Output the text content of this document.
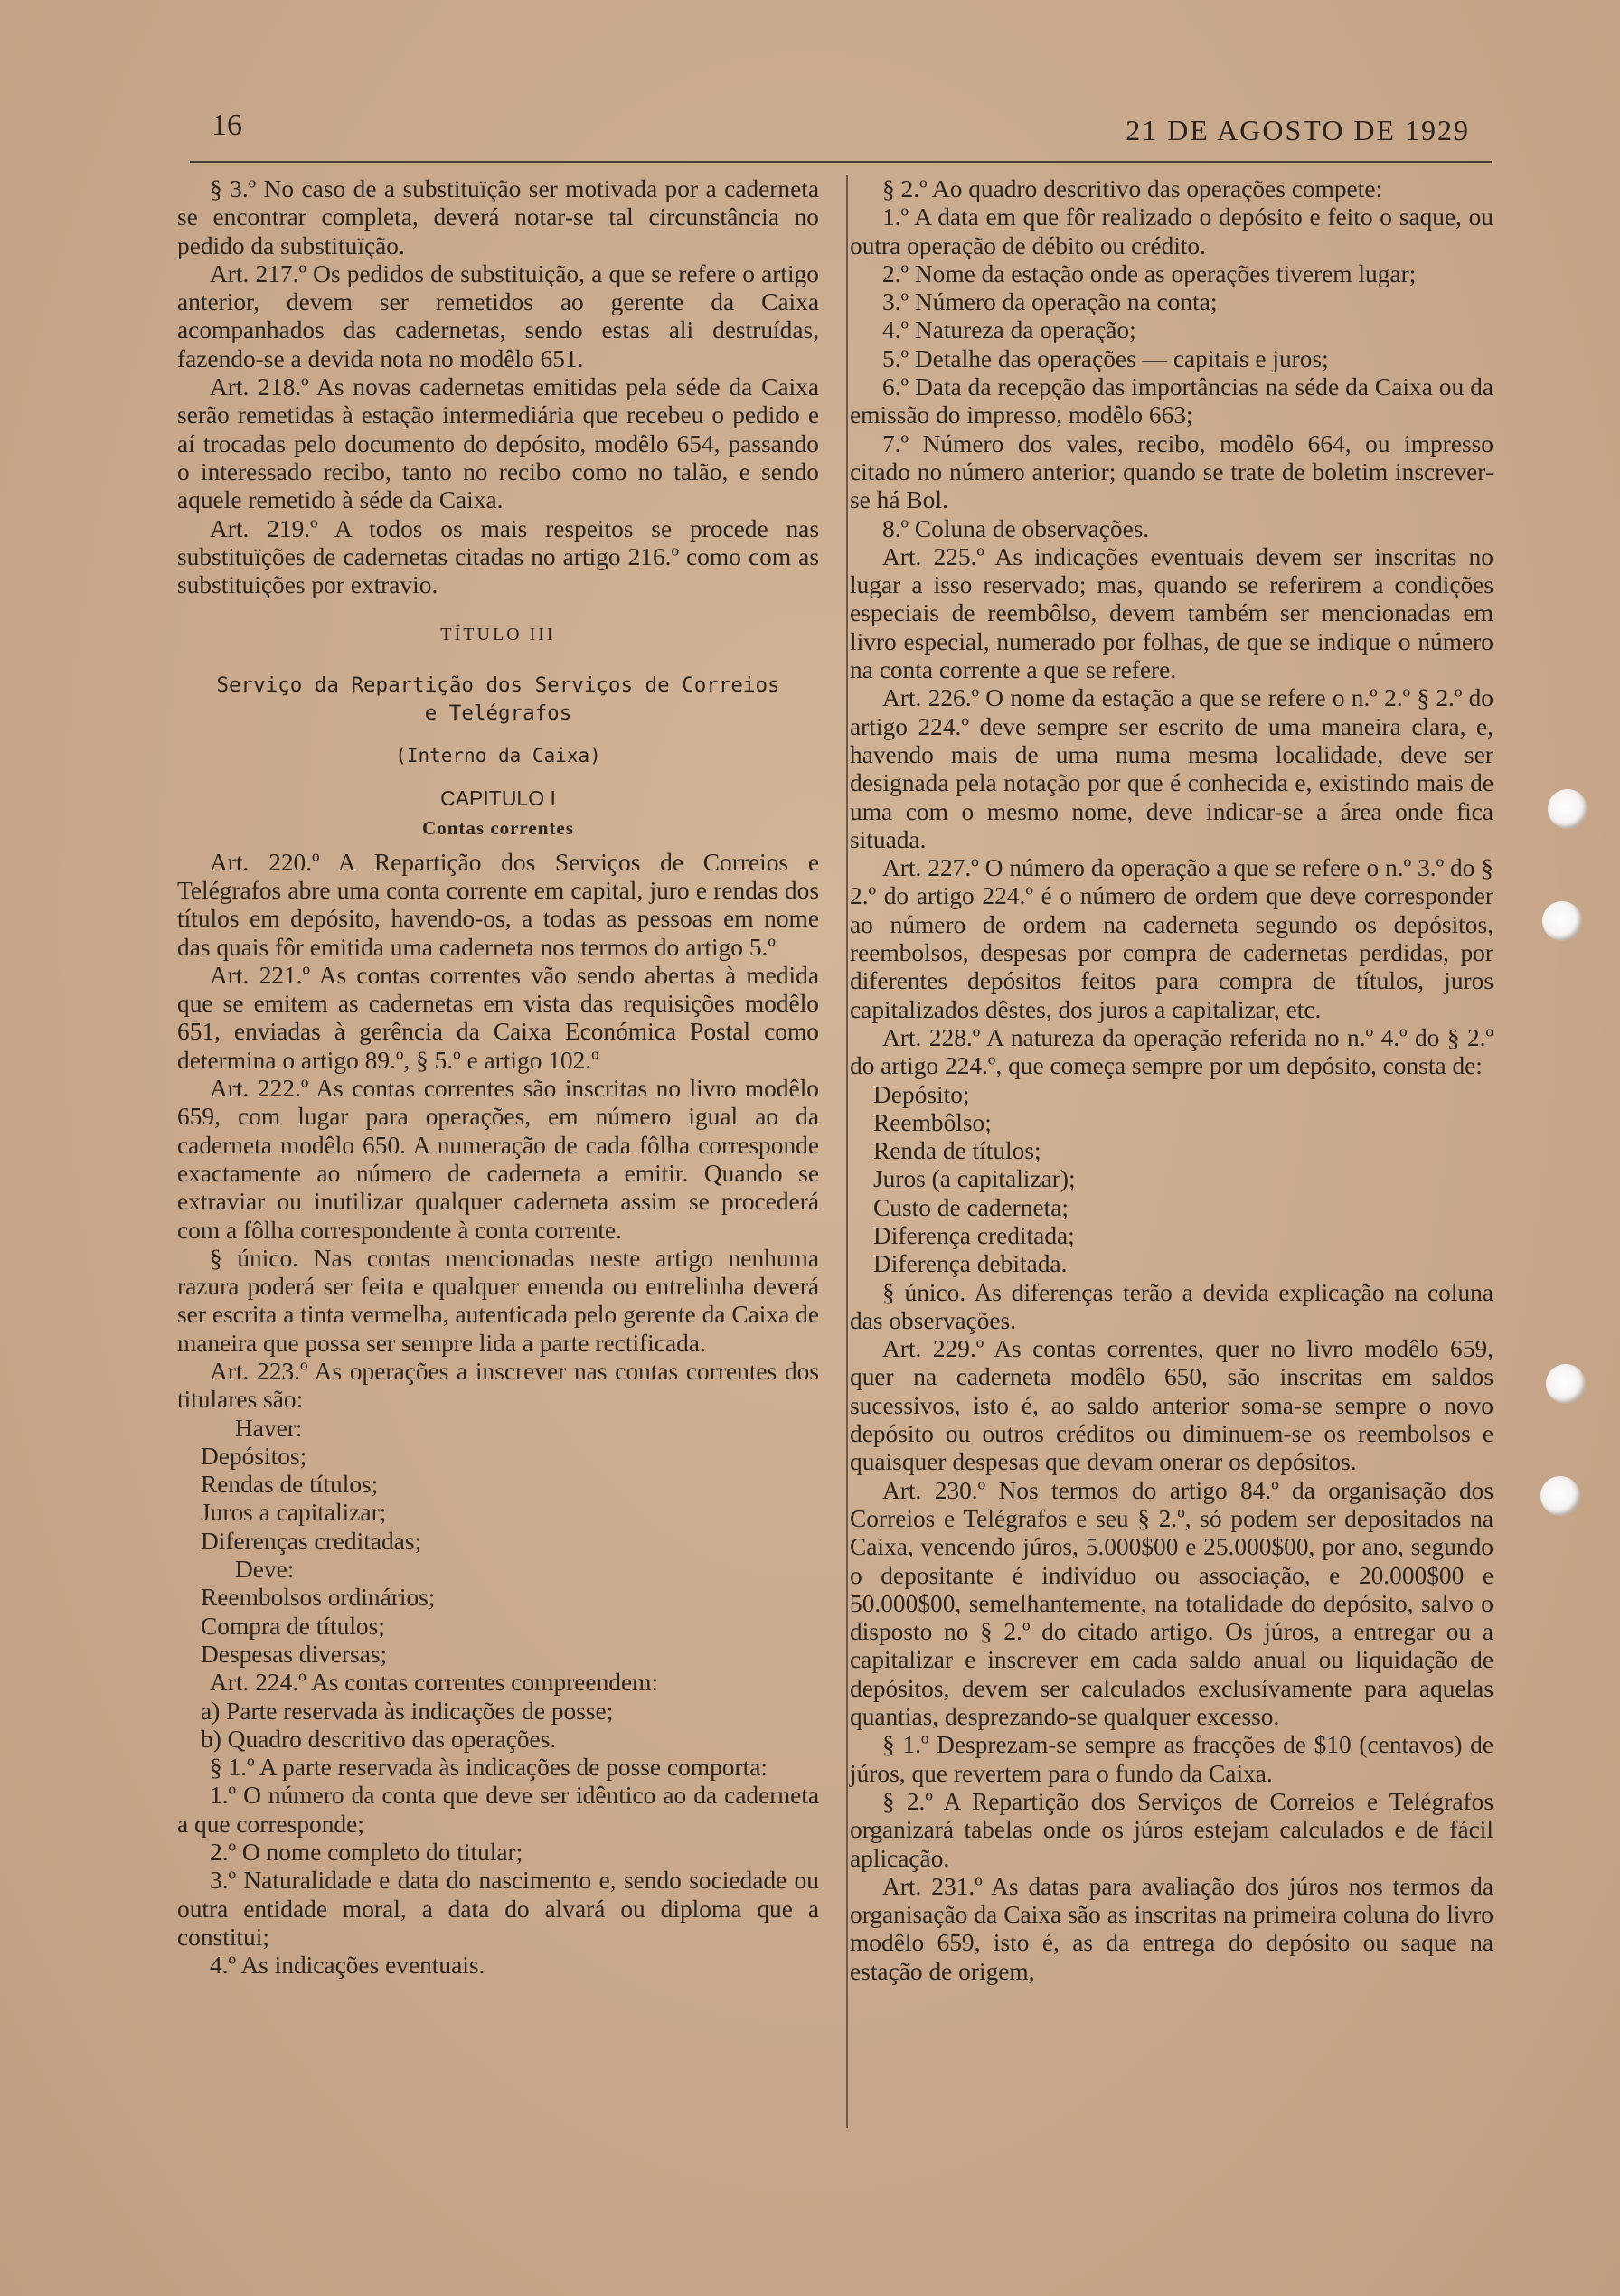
16	21 DE AGOSTO DE 1929

§ 3.º No caso de a substituïção ser motivada por a caderneta se encontrar completa, deverá notar-se tal circunstância no pedido da substituïção.

Art. 217.º Os pedidos de substituição, a que se refere o artigo anterior, devem ser remetidos ao gerente da Caixa acompanhados das cadernetas, sendo estas ali destruídas, fazendo-se a devida nota no modêlo 651.

Art. 218.º As novas cadernetas emitidas pela séde da Caixa serão remetidas à estação intermediária que recebeu o pedido e aí trocadas pelo documento do depósito, modêlo 654, passando o interessado recibo, tanto no recibo como no talão, e sendo aquele remetido à séde da Caixa.

Art. 219.º A todos os mais respeitos se procede nas substituïções de cadernetas citadas no artigo 216.º como com as substituições por extravio.

TÍTULO III

Serviço da Repartição dos Serviços de Correios
e Telégrafos

(Interno da Caixa)

CAPITULO I

Contas correntes

Art. 220.º A Repartição dos Serviços de Correios e Telégrafos abre uma conta corrente em capital, juro e rendas dos títulos em depósito, havendo-os, a todas as pessoas em nome das quais fôr emitida uma caderneta nos termos do artigo 5.º

Art. 221.º As contas correntes vão sendo abertas à medida que se emitem as cadernetas em vista das requisições modêlo 651, enviadas à gerência da Caixa Económica Postal como determina o artigo 89.º, § 5.º e artigo 102.º

Art. 222.º As contas correntes são inscritas no livro modêlo 659, com lugar para operações, em número igual ao da caderneta modêlo 650. A numeração de cada fôlha corresponde exactamente ao número de caderneta a emitir. Quando se extraviar ou inutilizar qualquer caderneta assim se procederá com a fôlha correspondente à conta corrente.

§ único. Nas contas mencionadas neste artigo nenhuma razura poderá ser feita e qualquer emenda ou entrelinha deverá ser escrita a tinta vermelha, autenticada pelo gerente da Caixa de maneira que possa ser sempre lida a parte rectificada.

Art. 223.º As operações a inscrever nas contas correntes dos titulares são:

Haver:

Depósitos;

Rendas de títulos;

Juros a capitalizar;

Diferenças creditadas;

Deve:

Reembolsos ordinários;

Compra de títulos;

Despesas diversas;

Art. 224.º As contas correntes compreendem:

a) Parte reservada às indicações de posse;

b) Quadro descritivo das operações.

§ 1.º A parte reservada às indicações de posse comporta:

1.º O número da conta que deve ser idêntico ao da caderneta a que corresponde;

2.º O nome completo do titular;

3.º Naturalidade e data do nascimento e, sendo sociedade ou outra entidade moral, a data do alvará ou diploma que a constitui;

4.º As indicações eventuais.

§ 2.º Ao quadro descritivo das operações compete:

1.º A data em que fôr realizado o depósito e feito o saque, ou outra operação de débito ou crédito.

2.º Nome da estação onde as operações tiverem lugar;

3.º Número da operação na conta;

4.º Natureza da operação;

5.º Detalhe das operações — capitais e juros;

6.º Data da recepção das importâncias na séde da Caixa ou da emissão do impresso, modêlo 663;

7.º Número dos vales, recibo, modêlo 664, ou impresso citado no número anterior; quando se trate de boletim inscrever-se há Bol.

8.º Coluna de observações.

Art. 225.º As indicações eventuais devem ser inscritas no lugar a isso reservado; mas, quando se referirem a condições especiais de reembôlso, devem também ser mencionadas em livro especial, numerado por folhas, de que se indique o número na conta corrente a que se refere.

Art. 226.º O nome da estação a que se refere o n.º 2.º § 2.º do artigo 224.º deve sempre ser escrito de uma maneira clara, e, havendo mais de uma numa mesma localidade, deve ser designada pela notação por que é conhecida e, existindo mais de uma com o mesmo nome, deve indicar-se a área onde fica situada.

Art. 227.º O número da operação a que se refere o n.º 3.º do § 2.º do artigo 224.º é o número de ordem que deve corresponder ao número de ordem na caderneta segundo os depósitos, reembolsos, despesas por compra de cadernetas perdidas, por diferentes depósitos feitos para compra de títulos, juros capitalizados dêstes, dos juros a capitalizar, etc.

Art. 228.º A natureza da operação referida no n.º 4.º do § 2.º do artigo 224.º, que começa sempre por um depósito, consta de:

Depósito;

Reembôlso;

Renda de títulos;

Juros (a capitalizar);

Custo de caderneta;

Diferença creditada;

Diferença debitada.

§ único. As diferenças terão a devida explicação na coluna das observações.

Art. 229.º As contas correntes, quer no livro modêlo 659, quer na caderneta modêlo 650, são inscritas em saldos sucessivos, isto é, ao saldo anterior soma-se sempre o novo depósito ou outros créditos ou diminuem-se os reembolsos e quaisquer despesas que devam onerar os depósitos.

Art. 230.º Nos termos do artigo 84.º da organisação dos Correios e Telégrafos e seu § 2.º, só podem ser depositados na Caixa, vencendo júros, 5.000$00 e 25.000$00, por ano, segundo o depositante é indivíduo ou associação, e 20.000$00 e 50.000$00, semelhantemente, na totalidade do depósito, salvo o disposto no § 2.º do citado artigo. Os júros, a entregar ou a capitalizar e inscrever em cada saldo anual ou liquidação de depósitos, devem ser calculados exclusívamente para aquelas quantias, desprezando-se qualquer excesso.

§ 1.º Desprezam-se sempre as fracções de $10 (centavos) de júros, que revertem para o fundo da Caixa.

§ 2.º A Repartição dos Serviços de Correios e Telégrafos organizará tabelas onde os júros estejam calculados e de fácil aplicação.

Art. 231.º As datas para avaliação dos júros nos termos da organisação da Caixa são as inscritas na primeira coluna do livro modêlo 659, isto é, as da entrega do depósito ou saque na estação de origem,
